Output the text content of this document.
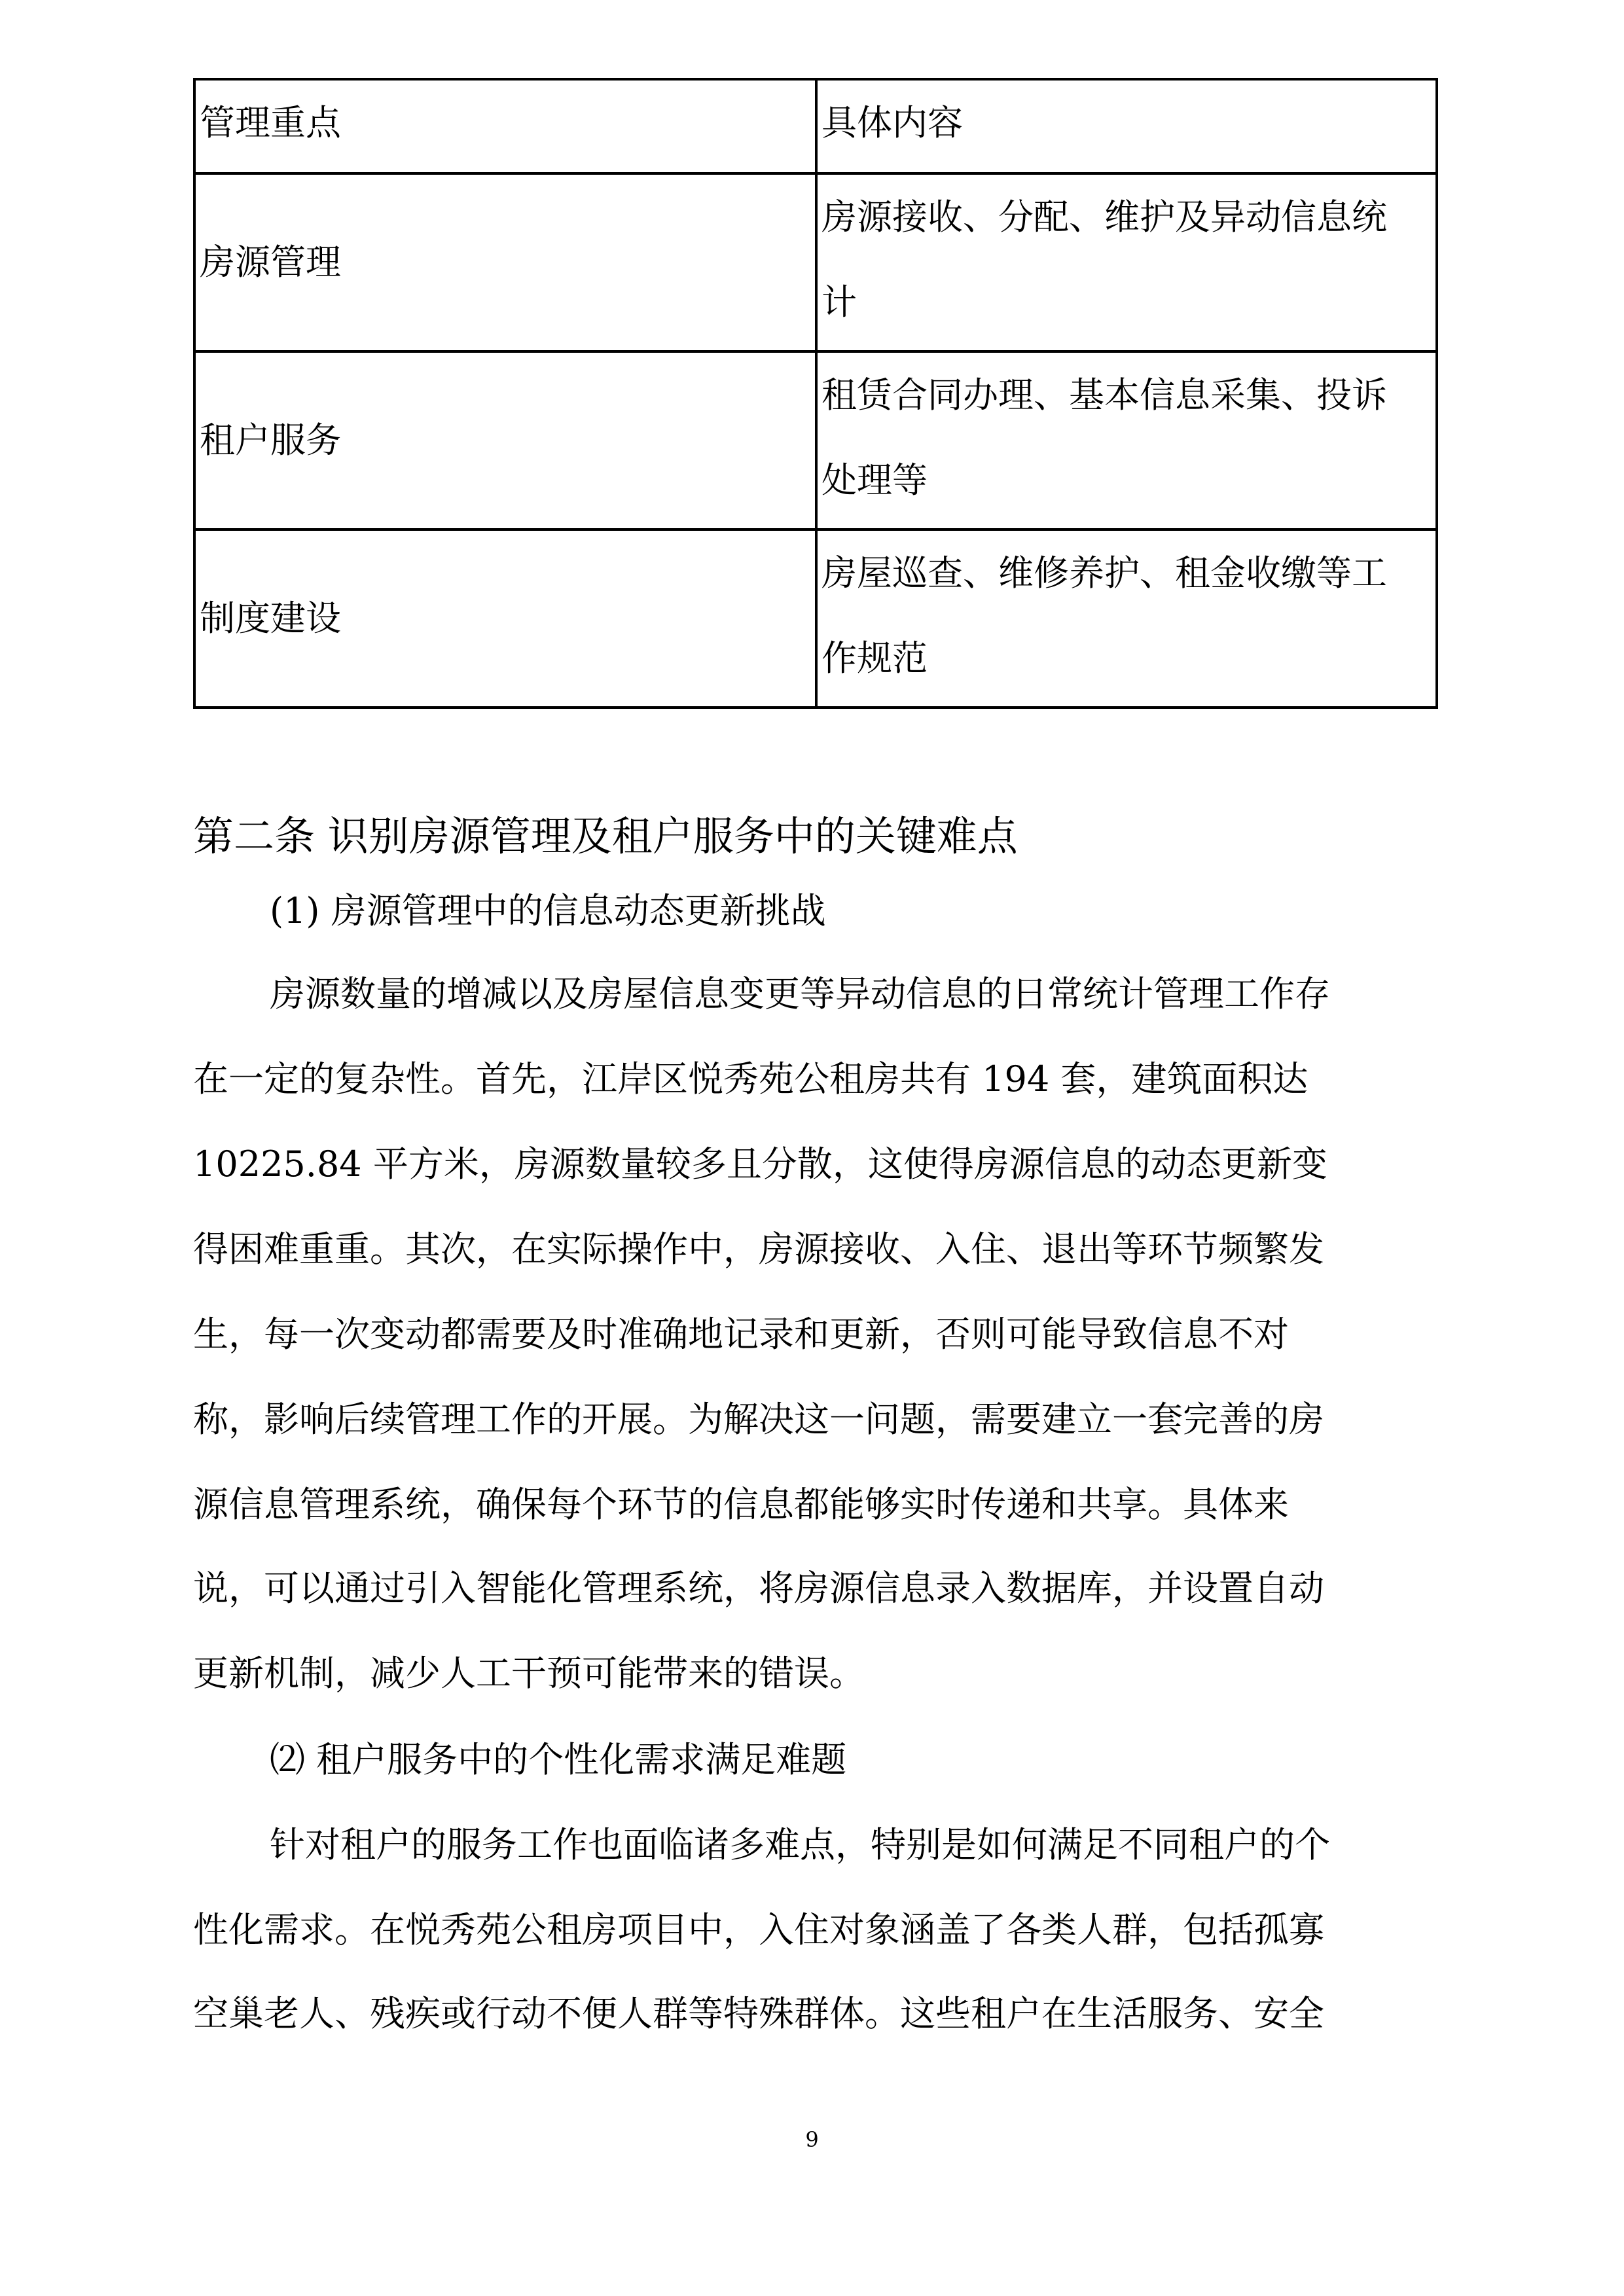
管理重点	具体内容
房源管理	房源接收、分配、维护及异动信息统
计

租户服务	租赁合同办理、基本信息采集、投诉
处理等

制度建设	房屋巡查、维修养护、租金收缴等工
作规范
第二条 识别房源管理及租户服务中的关键难点
(1) 房源管理中的信息动态更新挑战
房源数量的增减以及房屋信息变更等异动信息的日常统计管理工作存
在一定的复杂性。首先，江岸区悦秀苑公租房共有 194 套，建筑面积达
10225.84 平方米，房源数量较多且分散，这使得房源信息的动态更新变
得困难重重。其次，在实际操作中，房源接收、入住、退出等环节频繁发
生，每一次变动都需要及时准确地记录和更新，否则可能导致信息不对
称，影响后续管理工作的开展。为解决这一问题，需要建立一套完善的房
源信息管理系统，确保每个环节的信息都能够实时传递和共享。具体来
说，可以通过引入智能化管理系统，将房源信息录入数据库，并设置自动
更新机制，减少人工干预可能带来的错误。
⑵ 租户服务中的个性化需求满足难题
针对租户的服务工作也面临诸多难点，特别是如何满足不同租户的个
性化需求。在悦秀苑公租房项目中，入住对象涵盖了各类人群，包括孤寡
空巢老人、残疾或行动不便人群等特殊群体。这些租户在生活服务、安全
9
